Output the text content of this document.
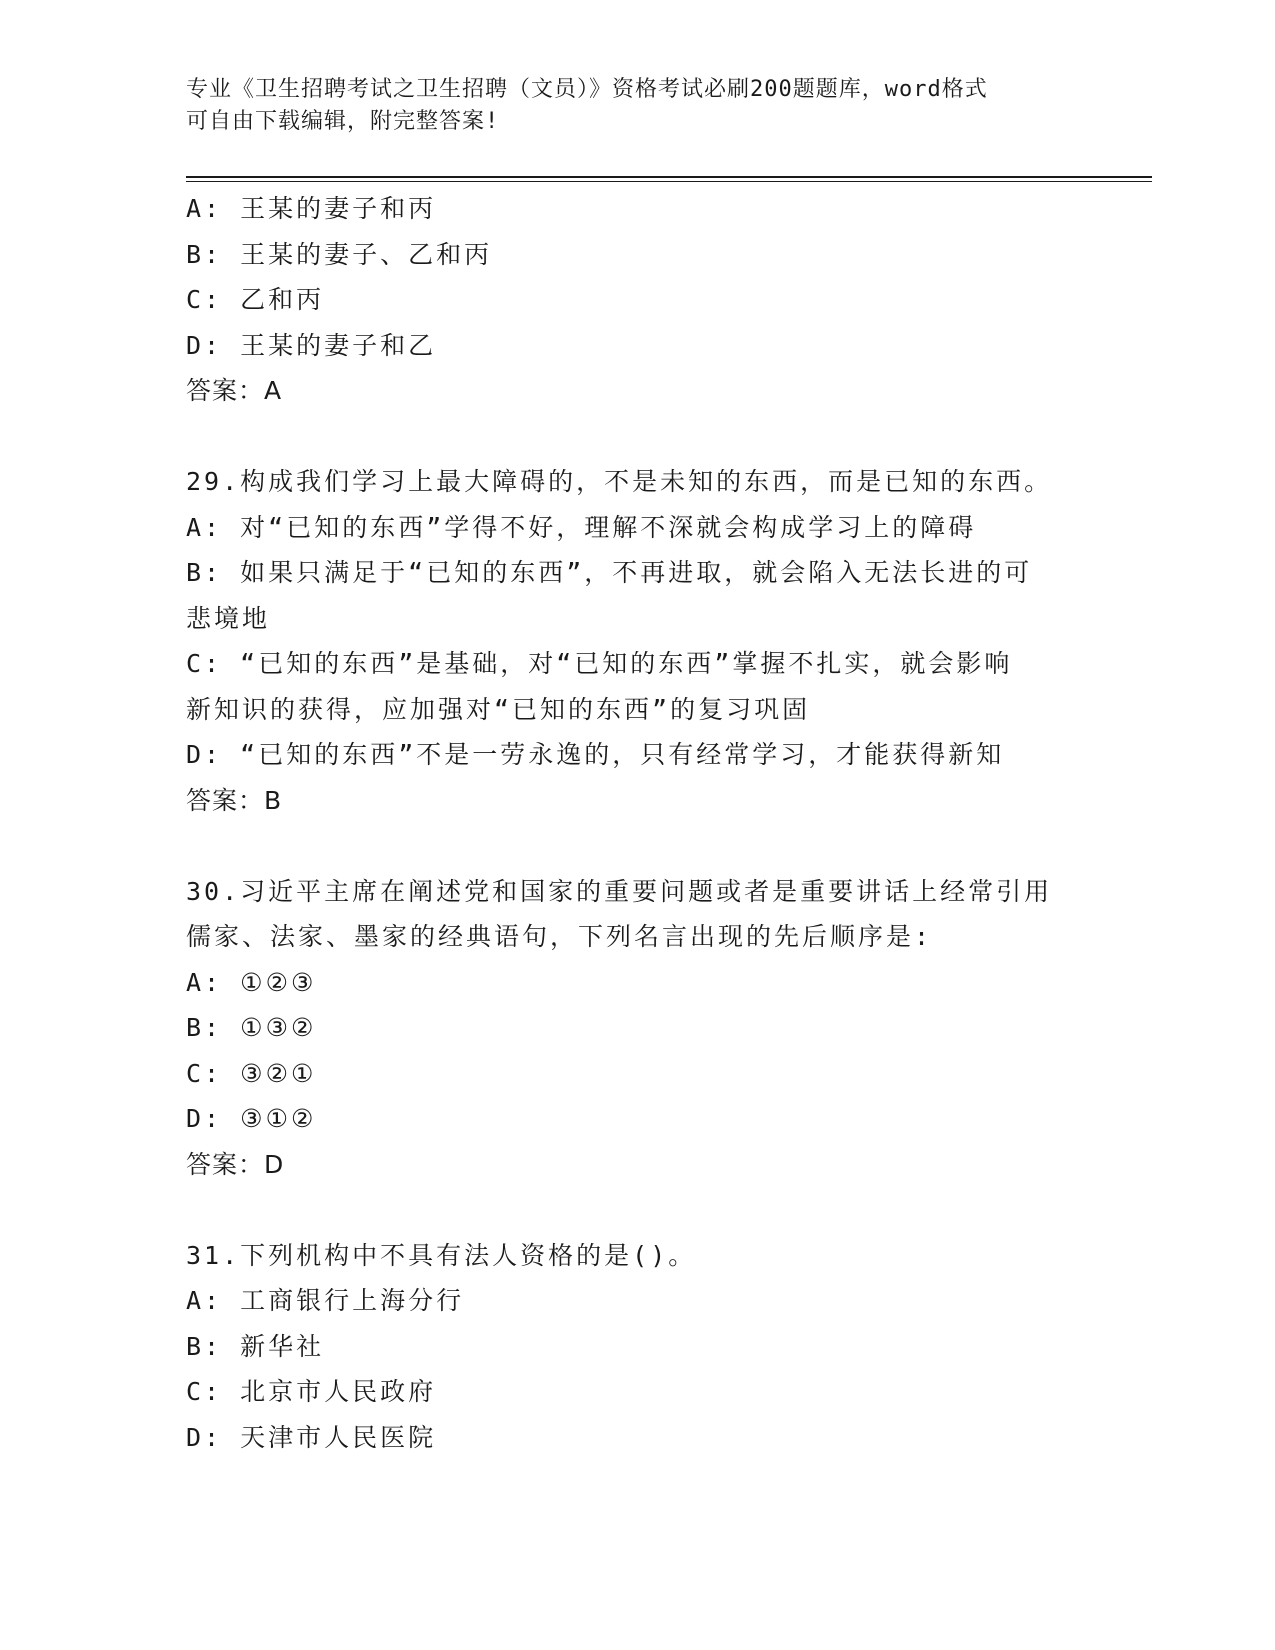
专业《卫生招聘考试之卫生招聘（文员）》资格考试必刷200题题库，word格式
可自由下载编辑，附完整答案!
A: 王某的妻子和丙
B: 王某的妻子、乙和丙
C: 乙和丙
D: 王某的妻子和乙
答案：A
29.构成我们学习上最大障碍的，不是未知的东西，而是已知的东西。
A: 对“已知的东西”学得不好，理解不深就会构成学习上的障碍
B: 如果只满足于“已知的东西”，不再进取，就会陷入无法长进的可
悲境地
C: “已知的东西”是基础，对“已知的东西”掌握不扎实，就会影响
新知识的获得，应加强对“已知的东西”的复习巩固
D: “已知的东西”不是一劳永逸的，只有经常学习，才能获得新知
答案：B
30.习近平主席在阐述党和国家的重要问题或者是重要讲话上经常引用
儒家、法家、墨家的经典语句，下列名言出现的先后顺序是:
A: ①②③
B: ①③②
C: ③②①
D: ③①②
答案：D
31.下列机构中不具有法人资格的是()。
A: 工商银行上海分行
B: 新华社
C: 北京市人民政府
D: 天津市人民医院
